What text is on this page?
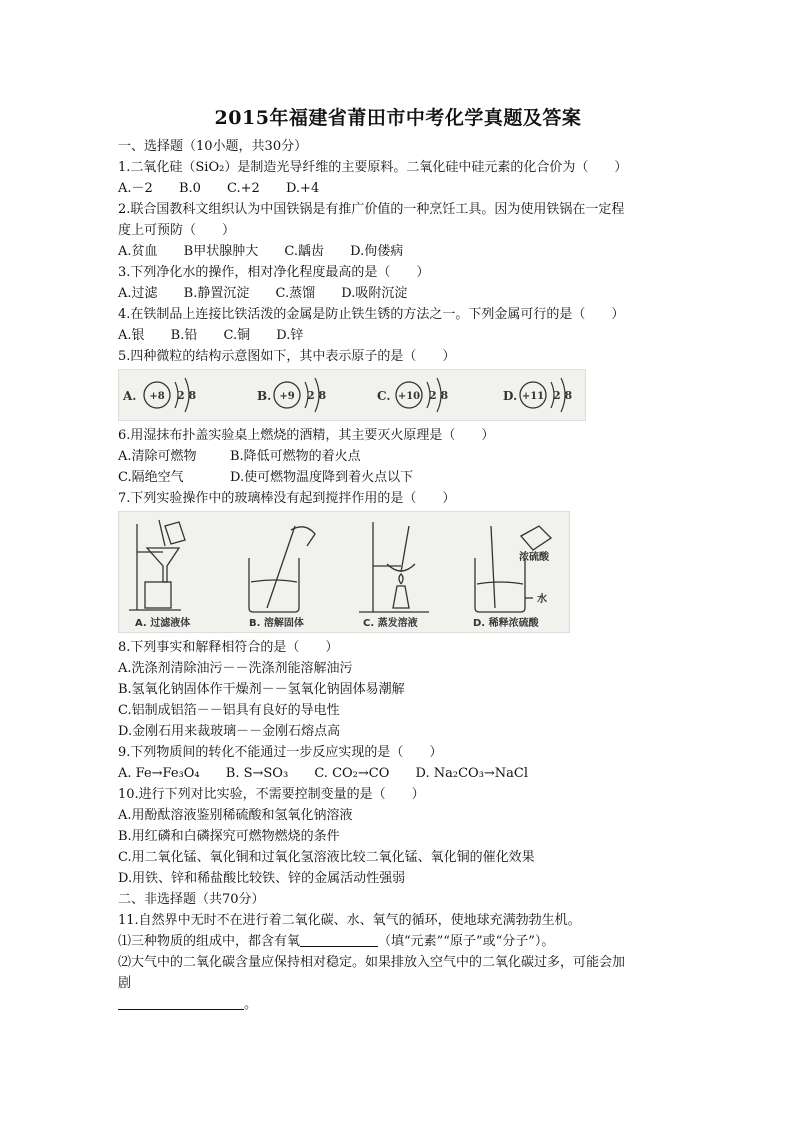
2015年福建省莆田市中考化学真题及答案
一、选择题（10小题，共30分）
1.二氧化硅（SiO₂）是制造光导纤维的主要原料。二氧化硅中硅元素的化合价为（　　）
A.－2 B.0 C.+2 D.+4
2.联合国教科文组织认为中国铁锅是有推广价值的一种烹饪工具。因为使用铁锅在一定程
度上可预防（　　）
A.贫血 B甲状腺肿大 C.龋齿 D.佝偻病
3.下列净化水的操作，相对净化程度最高的是（　　）
A.过滤 B.静置沉淀 C.蒸馏 D.吸附沉淀
4.在铁制品上连接比铁活泼的金属是防止铁生锈的方法之一。下列金属可行的是（　　）
A.银 B.铅 C.铜 D.锌
5.四种微粒的结构示意图如下，其中表示原子的是（　　）
A. +8 2 8	B. +9 2 8	C. +10 2 8	D. +11 2 8
6.用湿抹布扑盖实验桌上燃烧的酒精，其主要灭火原理是（　　）
A.清除可燃物	B.降低可燃物的着火点
C.隔绝空气	D.使可燃物温度降到着火点以下
7.下列实验操作中的玻璃棒没有起到搅拌作用的是（　　）
A. 过滤液体	B. 溶解固体	C. 蒸发溶液
浓硫酸
水
D. 稀释浓硫酸
8.下列事实和解释相符合的是（　　）
A.洗涤剂清除油污－－洗涤剂能溶解油污
B.氢氧化钠固体作干燥剂－－氢氧化钠固体易潮解
C.铝制成铝箔－－铝具有良好的导电性
D.金刚石用来裁玻璃－－金刚石熔点高
9.下列物质间的转化不能通过一步反应实现的是（　　）
A. Fe→Fe₃O₄ B. S→SO₃ C. CO₂→CO D. Na₂CO₃→NaCl
10.进行下列对比实验，不需要控制变量的是（　　）
A.用酚酞溶液鉴别稀硫酸和氢氧化钠溶液
B.用红磷和白磷探究可燃物燃烧的条件
C.用二氧化锰、氧化铜和过氧化氢溶液比较二氧化锰、氧化铜的催化效果
D.用铁、锌和稀盐酸比较铁、锌的金属活动性强弱
二、非选择题（共70分）
11.自然界中无时不在进行着二氧化碳、水、氧气的循环，使地球充满勃勃生机。
⑴三种物质的组成中，都含有氧	（填“元素”“原子”或“分子”）。
⑵大气中的二氧化碳含量应保持相对稳定。如果排放入空气中的二氧化碳过多，可能会加
剧
。
